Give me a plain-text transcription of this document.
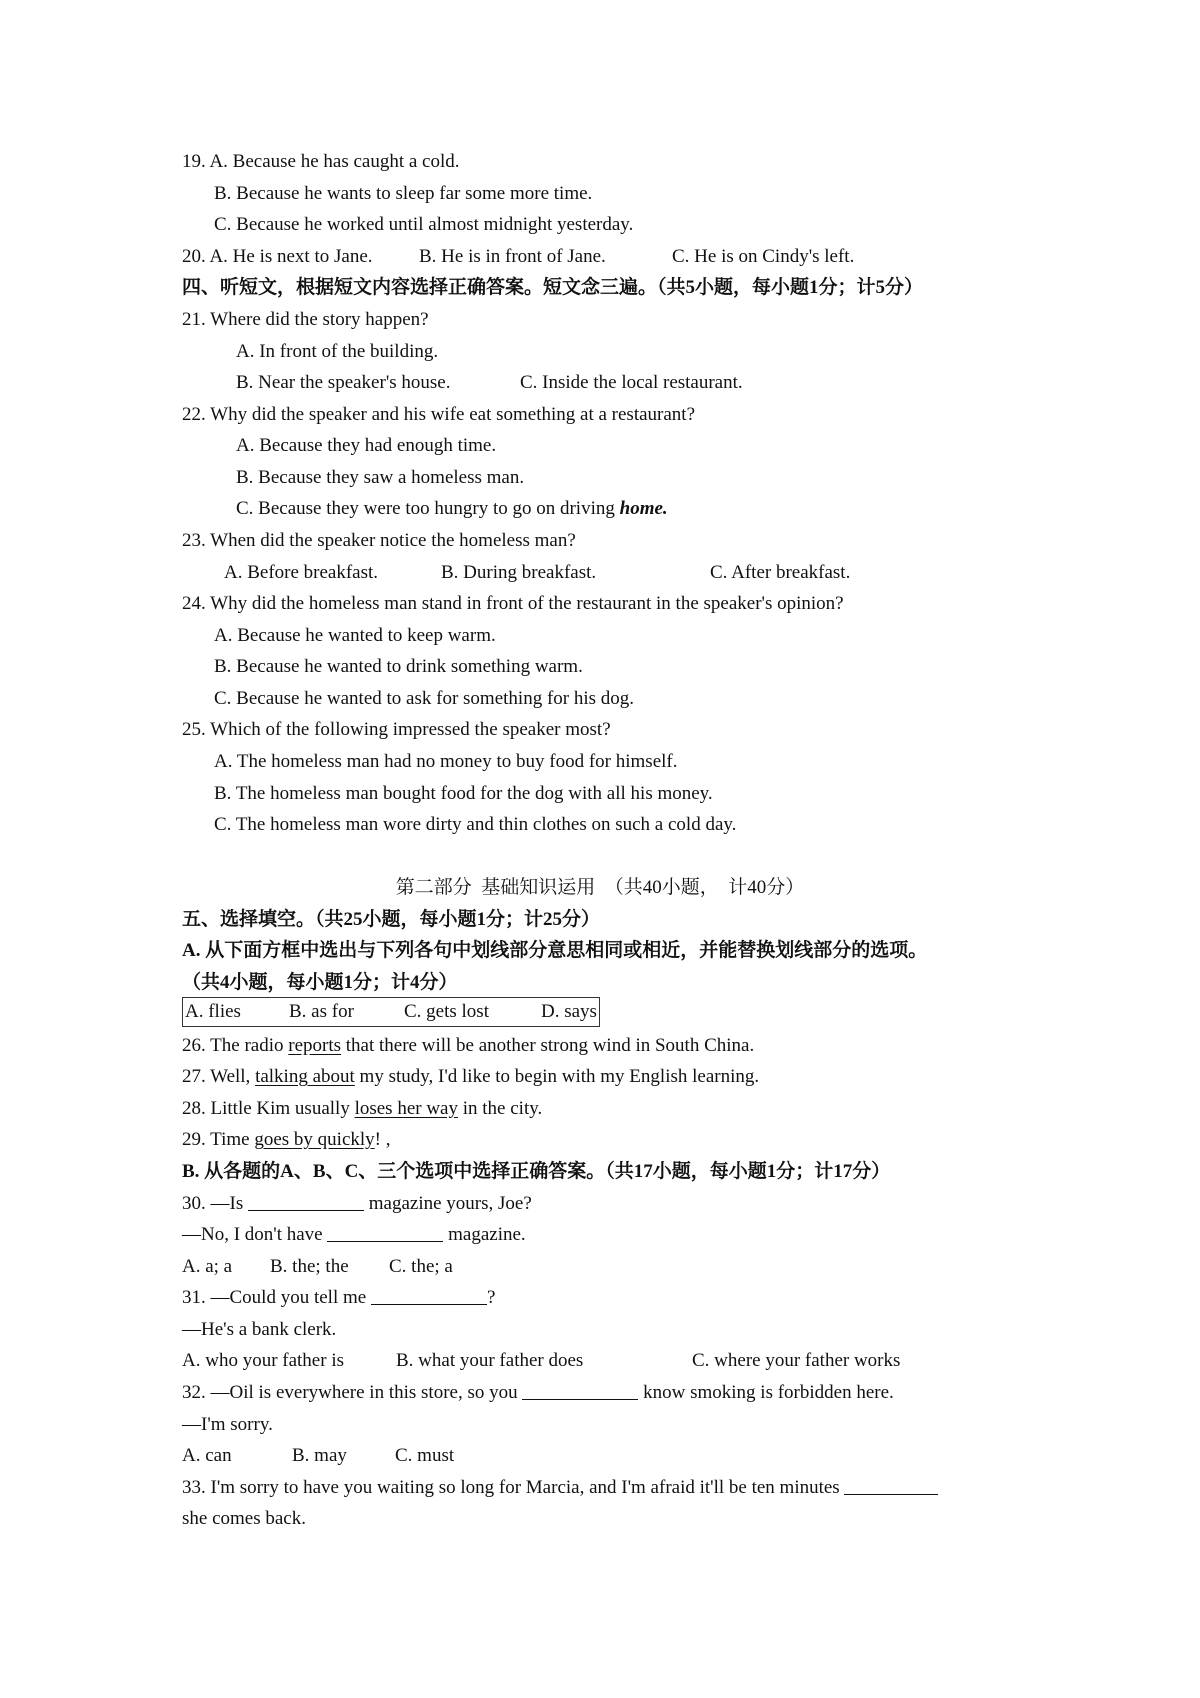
19. A. Because he has caught a cold.
B. Because he wants to sleep far some more time.
C. Because he worked until almost midnight yesterday.
20. A. He is next to Jane. B. He is in front of Jane.	C. He is on Cindy's left.
四、听短文，根据短文内容选择正确答案。短文念三遍。（共5小题，每小题1分；计5分）
21. Where did the story happen?
A. In front of the building.
B. Near the speaker's house.	C. Inside the local restaurant.
22. Why did the speaker and his wife eat something at a restaurant?
A. Because they had enough time.
B. Because they saw a homeless man.
C. Because they were too hungry to go on driving home.
23. When did the speaker notice the homeless man?
A. Before breakfast.	B. During breakfast.	C. After breakfast.
24. Why did the homeless man stand in front of the restaurant in the speaker's opinion?
A. Because he wanted to keep warm.
B. Because he wanted to drink something warm.
C. Because he wanted to ask for something for his dog.
25. Which of the following impressed the speaker most?
A. The homeless man had no money to buy food for himself.
B. The homeless man bought food for the dog with all his money.
C. The homeless man wore dirty and thin clothes on such a cold day.
第二部分  基础知识运用  （共40小题，  计40分）
五、选择填空。（共25小题，每小题1分；计25分）
A. 从下面方框中选出与下列各句中划线部分意思相同或相近，并能替换划线部分的选项。
（共4小题，每小题1分；计4分）
A. flies	B. as for	C. gets lost	D. says
26. The radio reports that there will be another strong wind in South China.
27. Well, talking about my study, I'd like to begin with my English learning.
28. Little Kim usually loses her way in the city.
29. Time goes by quickly! ,
B. 从各题的A、B、C、三个选项中选择正确答案。（共17小题，每小题1分；计17分）
30. —Is	magazine yours, Joe?
—No, I don't have	magazine.
A. a; a B. the; the C. the; a
31. —Could you tell me	?
—He's a bank clerk.
A. who your father is	B. what your father does	C. where your father works
32. —Oil is everywhere in this store, so you	know smoking is forbidden here.
—I'm sorry.
A. can	B. may	C. must
33. I'm sorry to have you waiting so long for Marcia, and I'm afraid it'll be ten minutes
she comes back.
